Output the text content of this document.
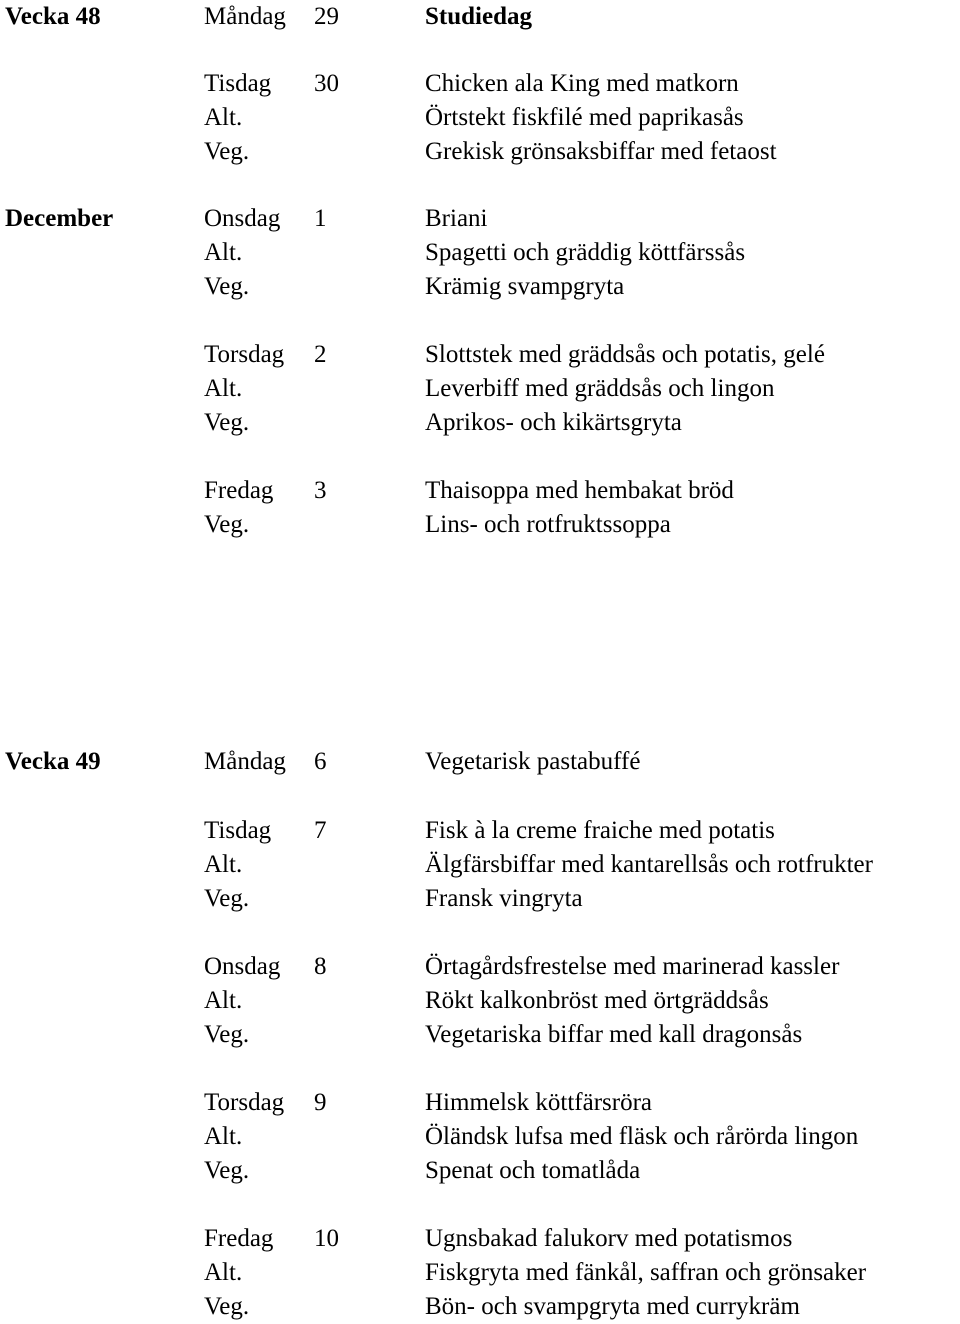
Vecka 48	Måndag 29	Studiedag
Tisdag 30	Chicken ala King med matkorn
Alt.	Örtstekt fiskfilé med paprikasås
Veg.	Grekisk grönsaksbiffar med fetaost
December	Onsdag 1	Briani
Alt.	Spagetti och gräddig köttfärssås
Veg.	Krämig svampgryta
Torsdag 2	Slottstek med gräddsås och potatis, gelé
Alt.	Leverbiff med gräddsås och lingon
Veg.	Aprikos- och kikärtsgryta
Fredag 3	Thaisoppa med hembakat bröd
Veg.	Lins- och rotfruktssoppa
Vecka 49	Måndag 6	Vegetarisk pastabuffé
Tisdag 7	Fisk à la creme fraiche med potatis
Alt.	Älgfärsbiffar med kantarellsås och rotfrukter
Veg.	Fransk vingryta
Onsdag 8	Örtagårdsfrestelse med marinerad kassler
Alt.	Rökt kalkonbröst med örtgräddsås
Veg.	Vegetariska biffar med kall dragonsås
Torsdag 9	Himmelsk köttfärsröra
Alt.	Öländsk lufsa med fläsk och rårörda lingon
Veg.	Spenat och tomatlåda
Fredag 10	Ugnsbakad falukorv med potatismos
Alt.	Fiskgryta med fänkål, saffran och grönsaker
Veg.	Bön- och svampgryta med currykräm
